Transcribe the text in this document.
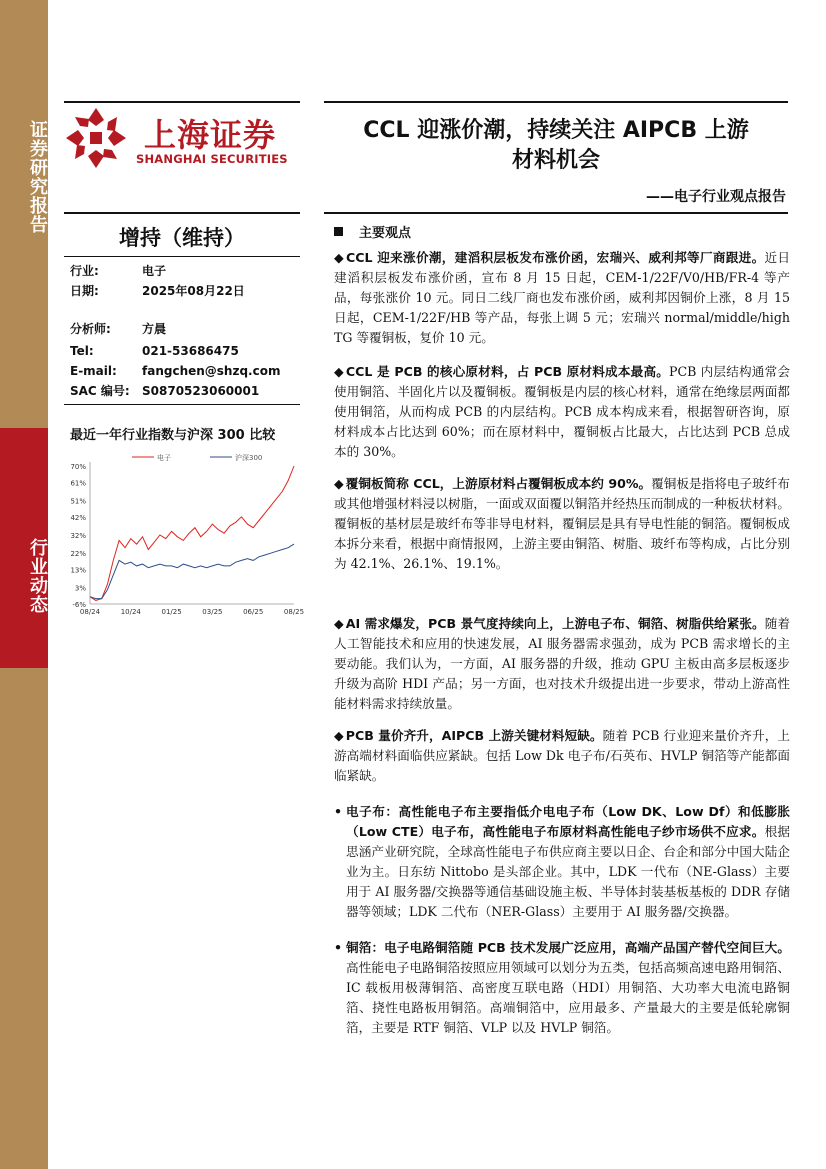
证券研究报告
行业动态
上海证券
SHANGHAI SECURITIES
CCL 迎涨价潮，持续关注 AIPCB 上游
材料机会
——电子行业观点报告
增持（维持）
行业:	电子
日期:	2025年08月22日
分析师:	方晨
Tel:	021-53686475
E-mail: fangchen@shzq.com
SAC 编号: S0870523060001
最近一年行业指数与沪深 300 比较
70%
61%
51%
42%
32%
22%
13%
3%
-6%
08/24	10/24	01/25	03/25	06/25	08/25
电子	沪深300
主要观点
◆ CCL 迎来涨价潮，建滔积层板发布涨价函，宏瑞兴、威利邦等厂商跟进。近日建滔积层板发布涨价函，宣布 8 月 15 日起，CEM-1/22F/V0/HB/FR-4 等产品，每张涨价 10 元。同日二线厂商也发布涨价函，威利邦因铜价上涨，8 月 15 日起，CEM-1/22F/HB 等产品，每张上调 5 元；宏瑞兴 normal/middle/high TG 等覆铜板，复价 10 元。
◆ CCL 是 PCB 的核心原材料，占 PCB 原材料成本最高。PCB 内层结构通常会使用铜箔、半固化片以及覆铜板。覆铜板是内层的核心材料，通常在绝缘层两面都使用铜箔，从而构成 PCB 的内层结构。PCB 成本构成来看，根据智研咨询，原材料成本占比达到 60%；而在原材料中，覆铜板占比最大，占比达到 PCB 总成本的 30%。
◆ 覆铜板简称 CCL，上游原材料占覆铜板成本约 90%。覆铜板是指将电子玻纤布或其他增强材料浸以树脂，一面或双面覆以铜箔并经热压而制成的一种板状材料。覆铜板的基材层是玻纤布等非导电材料，覆铜层是具有导电性能的铜箔。覆铜板成本拆分来看，根据中商情报网，上游主要由铜箔、树脂、玻纤布等构成，占比分别为 42.1%、26.1%、19.1%。
◆ AI 需求爆发，PCB 景气度持续向上，上游电子布、铜箔、树脂供给紧张。随着人工智能技术和应用的快速发展，AI 服务器需求强劲，成为 PCB 需求增长的主要动能。我们认为，一方面，AI 服务器的升级，推动 GPU 主板由高多层板逐步升级为高阶 HDI 产品；另一方面，也对技术升级提出进一步要求，带动上游高性能材料需求持续放量。
◆ PCB 量价齐升，AIPCB 上游关键材料短缺。随着 PCB 行业迎来量价齐升，上游高端材料面临供应紧缺。包括 Low Dk 电子布/石英布、HVLP 铜箔等产能都面临紧缺。
• 电子布：高性能电子布主要指低介电电子布（Low DK、Low Df）和低膨胀（Low CTE）电子布，高性能电子布原材料高性能电子纱市场供不应求。根据思涵产业研究院，全球高性能电子布供应商主要以日企、台企和部分中国大陆企业为主。日东纺 Nittobo 是头部企业。其中，LDK 一代布（NE-Glass）主要用于 AI 服务器/交换器等通信基础设施主板、半导体封装基板基板的 DDR 存储器等领域；LDK 二代布（NER-Glass）主要用于 AI 服务器/交换器。
• 铜箔：电子电路铜箔随 PCB 技术发展广泛应用，高端产品国产替代空间巨大。高性能电子电路铜箔按照应用领域可以划分为五类，包括高频高速电路用铜箔、IC 载板用极薄铜箔、高密度互联电路（HDI）用铜箔、大功率大电流电路铜箔、挠性电路板用铜箔。高端铜箔中，应用最多、产量最大的主要是低轮廓铜箔，主要是 RTF 铜箔、VLP 以及 HVLP 铜箔。
